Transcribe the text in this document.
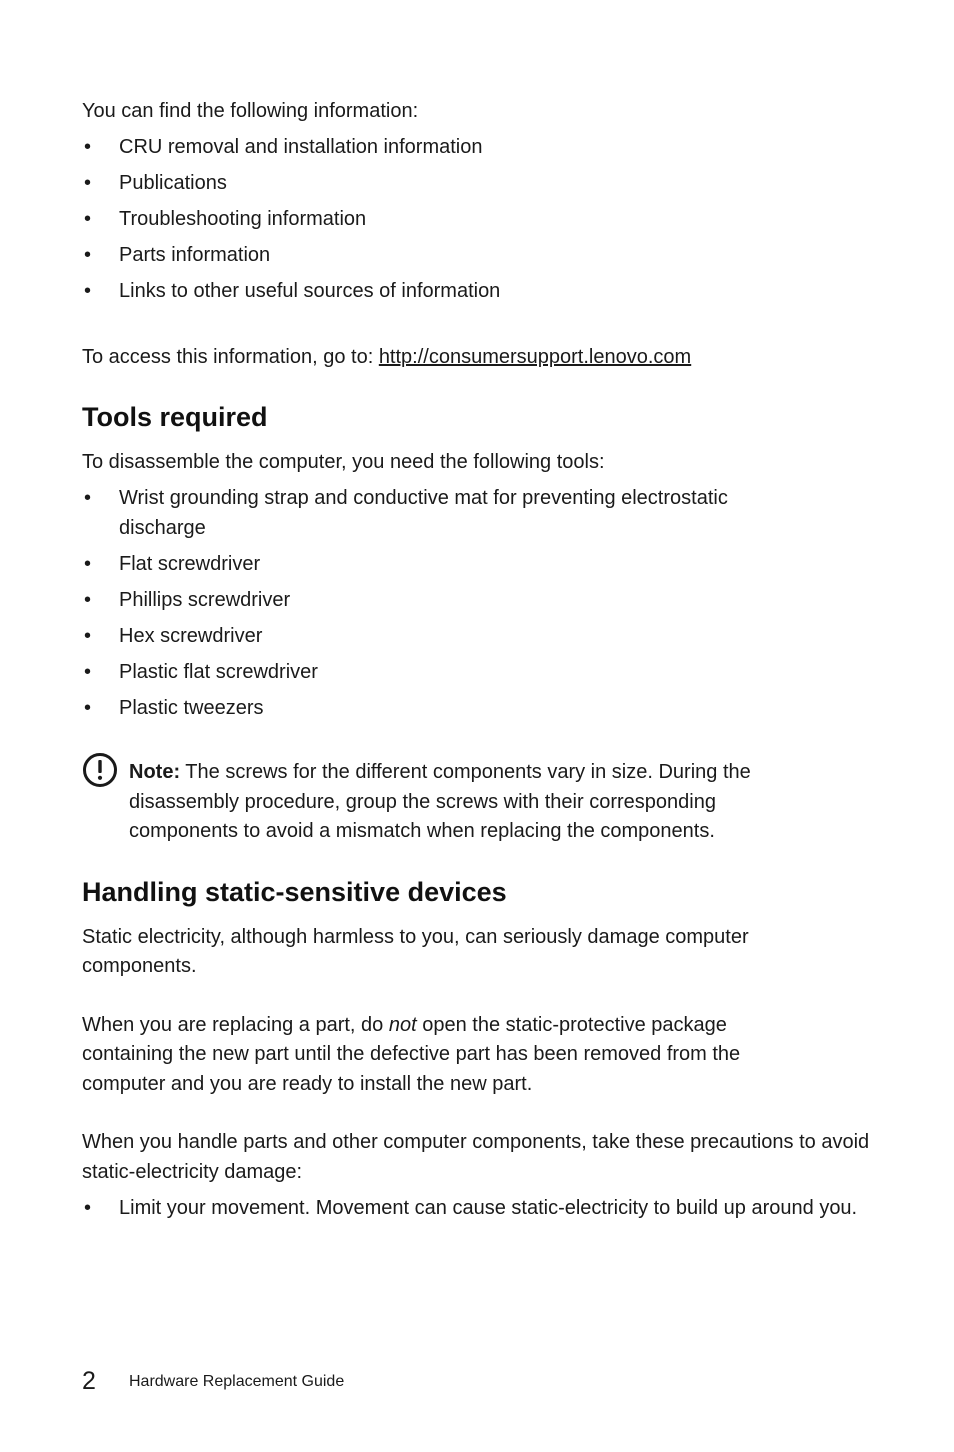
You can find the following information:

• CRU removal and installation information
• Publications
• Troubleshooting information
• Parts information
• Links to other useful sources of information

To access this information, go to: http://consumersupport.lenovo.com

Tools required

To disassemble the computer, you need the following tools:

• Wrist grounding strap and conductive mat for preventing electrostatic discharge
• Flat screwdriver
• Phillips screwdriver
• Hex screwdriver
• Plastic flat screwdriver
• Plastic tweezers

Note: The screws for the different components vary in size. During the disassembly procedure, group the screws with their corresponding components to avoid a mismatch when replacing the components.

Handling static-sensitive devices

Static electricity, although harmless to you, can seriously damage computer components.

When you are replacing a part, do not open the static-protective package containing the new part until the defective part has been removed from the computer and you are ready to install the new part.

When you handle parts and other computer components, take these precautions to avoid static-electricity damage:

• Limit your movement. Movement can cause static-electricity to build up around you.
2 Hardware Replacement Guide
